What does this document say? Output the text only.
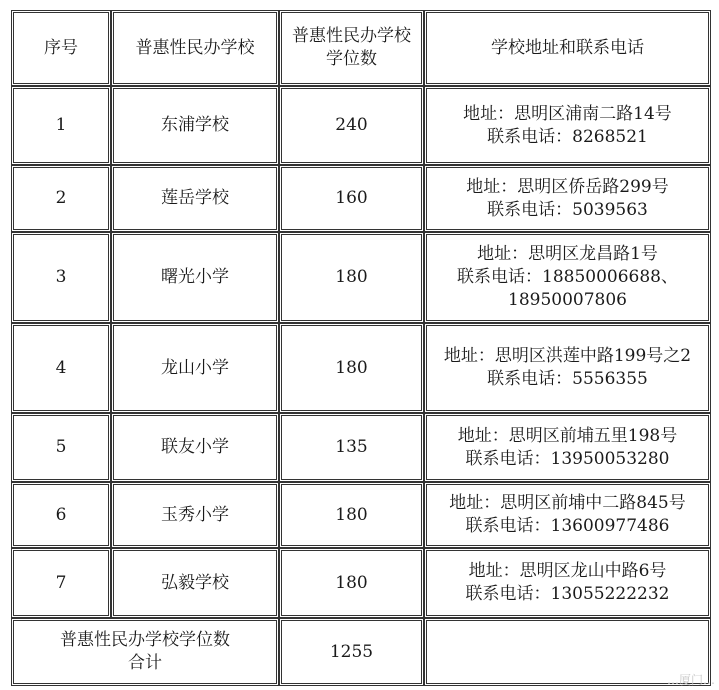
序号	普惠性民办学校	普惠性民办学校学位数	学校地址和联系电话
1	东浦学校	240	地址：思明区浦南二路14号
联系电话：8268521

2	莲岳学校	160	地址：思明区侨岳路299号
联系电话：5039563

3	曙光小学	180	地址：思明区龙昌路1号
联系电话：18850006688、
18950007806

4	龙山小学	180	地址：思明区洪莲中路199号之2
联系电话：5556355

5	联友小学	135	地址：思明区前埔五里198号
联系电话：13950053280

6	玉秀小学	180	地址：思明区前埔中二路845号
联系电话：13600977486

7	弘毅学校	180	地址：思明区龙山中路6号
联系电话：13055222232

普惠性民办学校学位数
合计		1255	
…厦门…
